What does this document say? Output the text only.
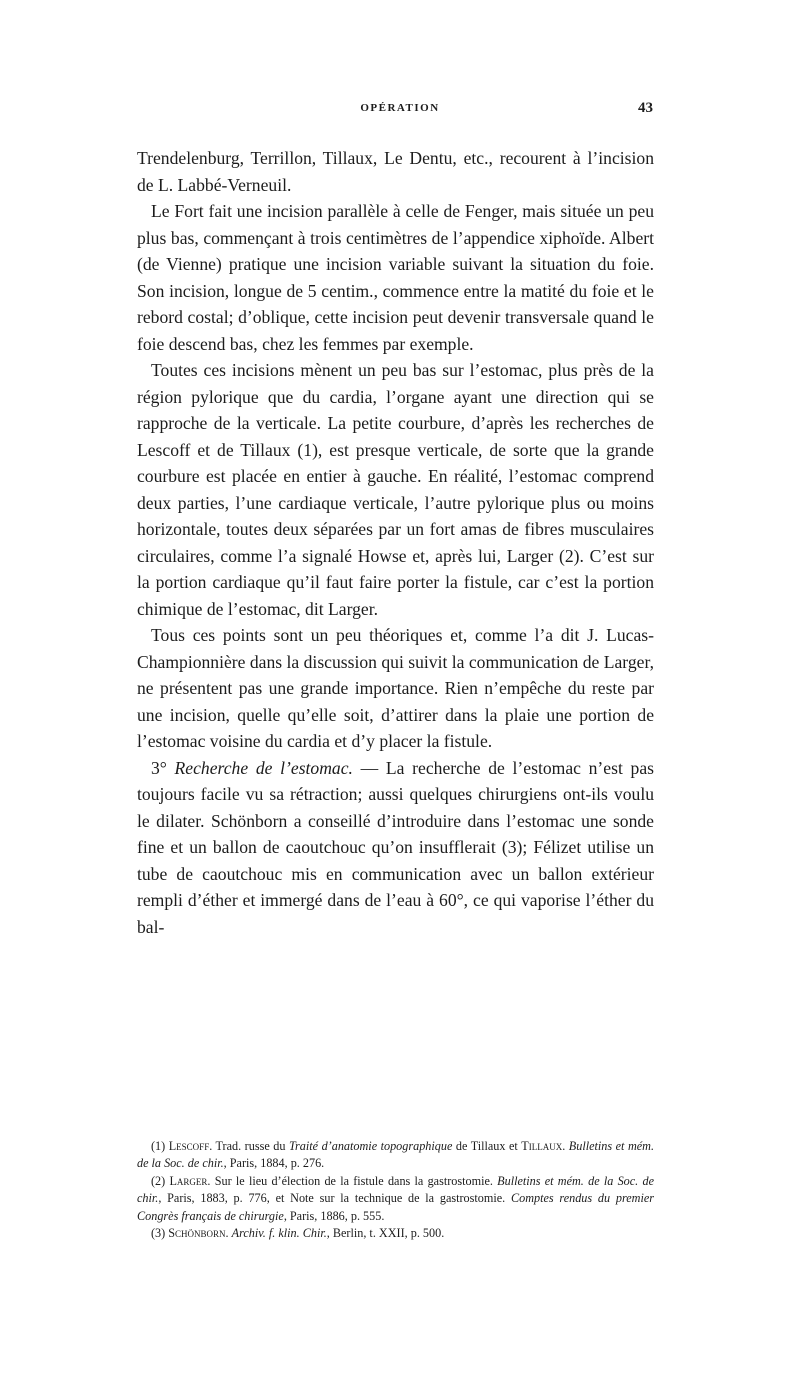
OPÉRATION	43

Trendelenburg, Terrillon, Tillaux, Le Dentu, etc., recourent à l’incision de L. Labbé-Verneuil.

Le Fort fait une incision parallèle à celle de Fenger, mais située un peu plus bas, commençant à trois centimètres de l’appendice xiphoïde. Albert (de Vienne) pratique une incision variable suivant la situation du foie. Son incision, longue de 5 centim., commence entre la matité du foie et le rebord costal; d’oblique, cette incision peut devenir transversale quand le foie descend bas, chez les femmes par exemple.

Toutes ces incisions mènent un peu bas sur l’estomac, plus près de la région pylorique que du cardia, l’organe ayant une direction qui se rapproche de la verticale. La petite courbure, d’après les recherches de Lescoff et de Tillaux (1), est presque verticale, de sorte que la grande courbure est placée en entier à gauche. En réalité, l’estomac comprend deux parties, l’une cardiaque verticale, l’autre pylorique plus ou moins horizontale, toutes deux séparées par un fort amas de fibres musculaires circulaires, comme l’a signalé Howse et, après lui, Larger (2). C’est sur la portion cardiaque qu’il faut faire porter la fistule, car c’est la portion chimique de l’estomac, dit Larger.

Tous ces points sont un peu théoriques et, comme l’a dit J. Lucas-Championnière dans la discussion qui suivit la communication de Larger, ne présentent pas une grande importance. Rien n’empêche du reste par une incision, quelle qu’elle soit, d’attirer dans la plaie une portion de l’estomac voisine du cardia et d’y placer la fistule.

3° Recherche de l’estomac. — La recherche de l’estomac n’est pas toujours facile vu sa rétraction; aussi quelques chirurgiens ont-ils voulu le dilater. Schönborn a conseillé d’introduire dans l’estomac une sonde fine et un ballon de caoutchouc qu’on insufflerait (3); Félizet utilise un tube de caoutchouc mis en communication avec un ballon extérieur rempli d’éther et immergé dans de l’eau à 60°, ce qui vaporise l’éther du bal-

(1) Lescoff. Trad. russe du Traité d’anatomie topographique de Tillaux et Tillaux. Bulletins et mém. de la Soc. de chir., Paris, 1884, p. 276.

(2) Larger. Sur le lieu d’élection de la fistule dans la gastrostomie. Bulletins et mém. de la Soc. de chir., Paris, 1883, p. 776, et Note sur la technique de la gastrostomie. Comptes rendus du premier Congrès français de chirurgie, Paris, 1886, p. 555.

(3) Schönborn. Archiv. f. klin. Chir., Berlin, t. XXII, p. 500.
